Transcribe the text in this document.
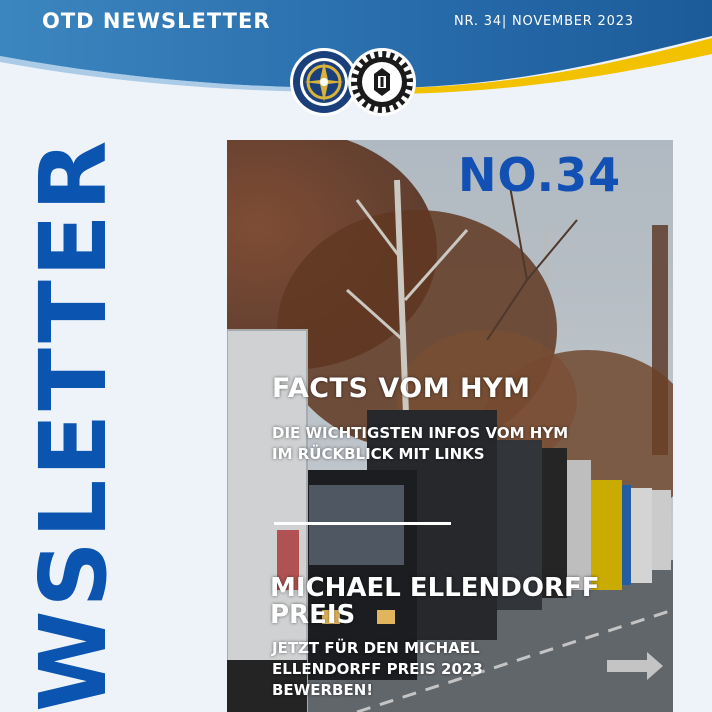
OTD NEWSLETTER	NR. 34| NOVEMBER 2023
WSLETTER	NO.34
FACTS VOM HYM
DIE WICHTIGSTEN INFOS VOM HYM IM RÜCKBLICK MIT LINKS
MICHAEL ELLENDORFF PREIS
JETZT FÜR DEN MICHAEL ELLENDORFF PREIS 2023 BEWERBEN!
